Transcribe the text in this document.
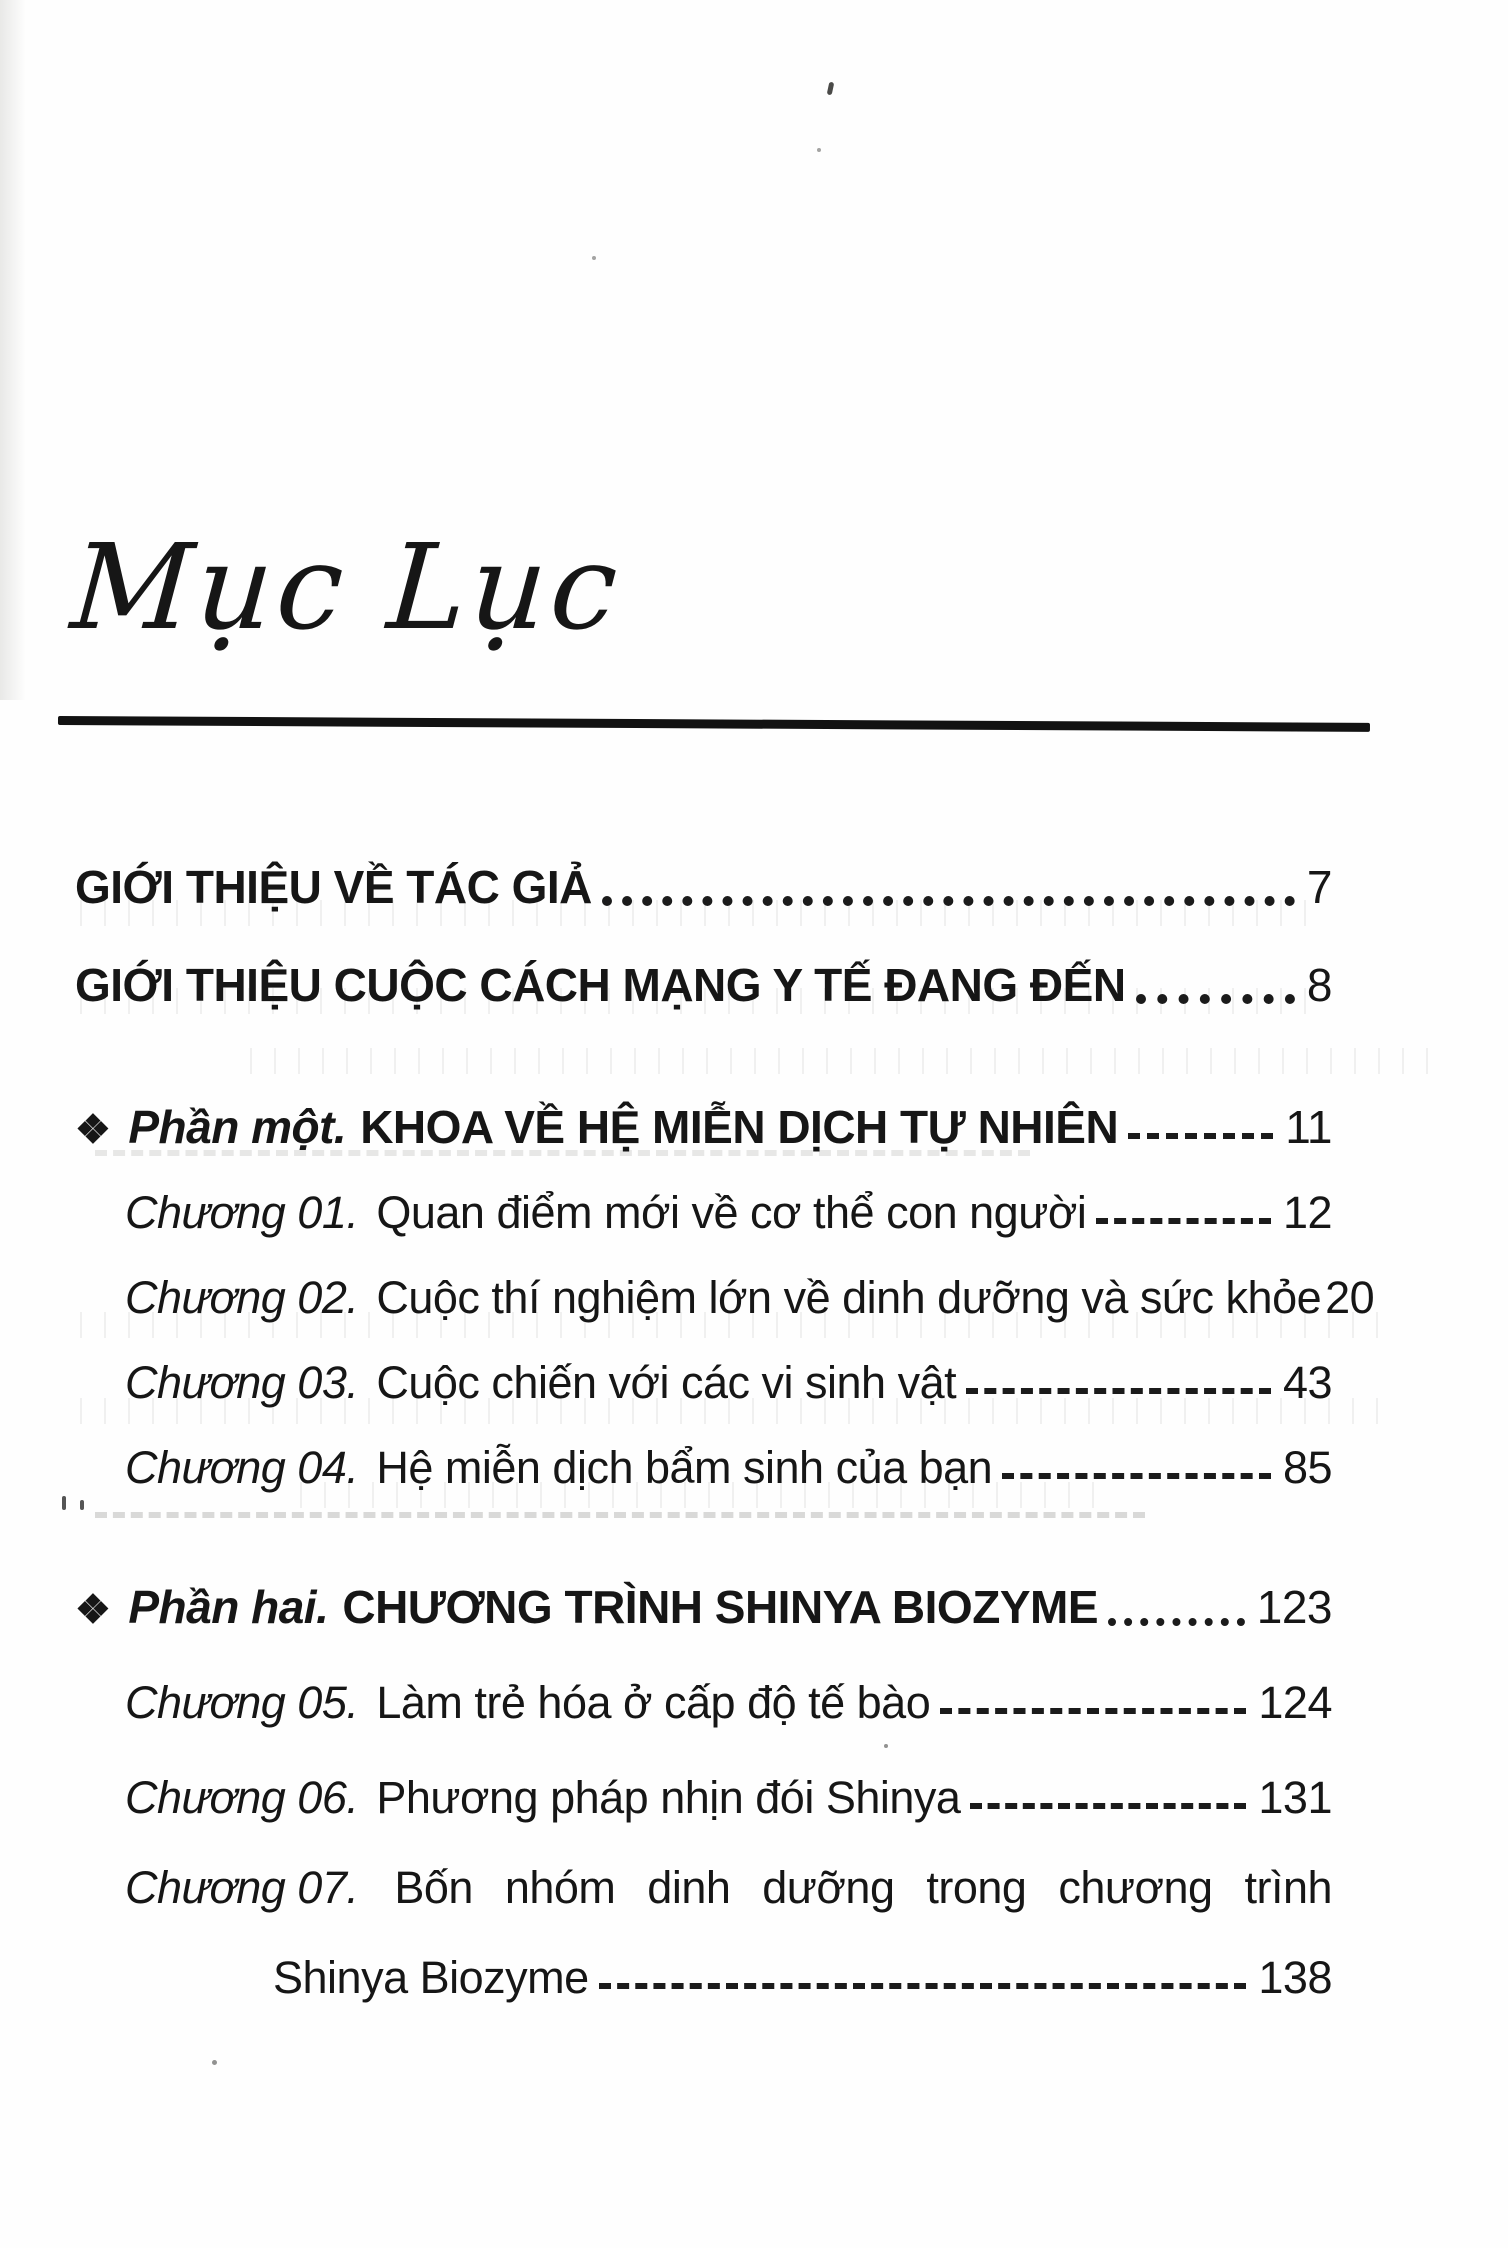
Mục Lục
GIỚI THIỆU VỀ TÁC GIẢ	7
GIỚI THIỆU CUỘC CÁCH MẠNG Y TẾ ĐANG ĐẾN	8
❖ Phần một. KHOA VỀ HỆ MIỄN DỊCH TỰ NHIÊN	11
Chương 01. Quan điểm mới về cơ thể con người	12
Chương 02. Cuộc thí nghiệm lớn về dinh dưỡng và sức khỏe 20
Chương 03. Cuộc chiến với các vi sinh vật	43
Chương 04. Hệ miễn dịch bẩm sinh của bạn	85
❖ Phần hai. CHƯƠNG TRÌNH SHINYA BIOZYME	123
Chương 05. Làm trẻ hóa ở cấp độ tế bào	124
Chương 06. Phương pháp nhịn đói Shinya	131
Chương 07. Bốn nhóm dinh dưỡng trong chương trình
Shinya Biozyme	138
